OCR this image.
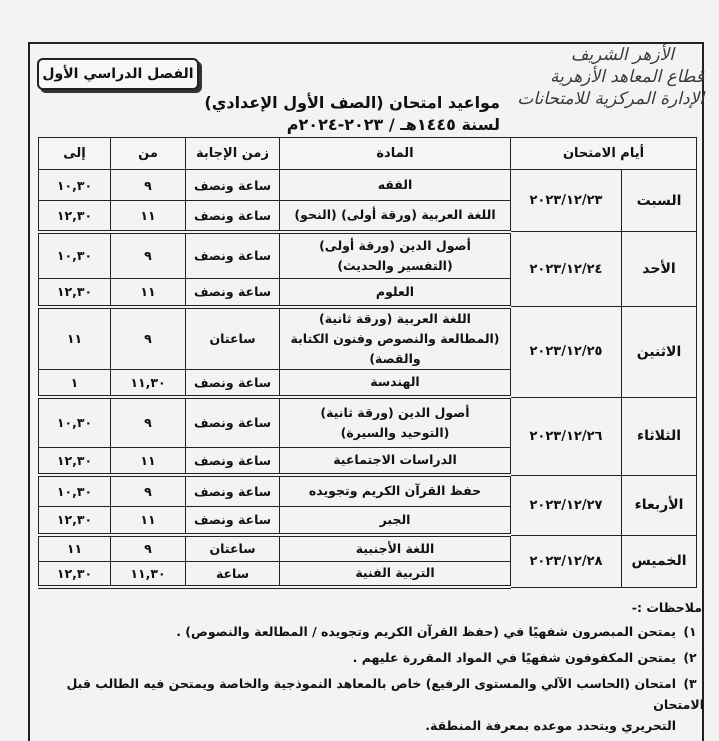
الأزهر الشريف
قطاع المعاهد الأزهرية
الإدارة المركزية للامتحانات
الفصل الدراسي الأول
مواعيد امتحان (الصف الأول الإعدادي)
لسنة ١٤٤٥هـ / ٢٠٢٣-٢٠٢٤م
أيام الامتحان		المادة	زمن الإجابة	من	إلى
السبت	٢٠٢٣/١٢/٢٣	الفقه	ساعة ونصف	٩	١٠,٣٠

		اللغة العربية (ورقة أولى) (النحو)	ساعة ونصف	١١	١٢,٣٠
الأحد	٢٠٢٣/١٢/٢٤	أصول الدين (ورقة أولى)
(التفسير والحديث)	ساعة ونصف	٩	١٠,٣٠

		العلوم	ساعة ونصف	١١	١٢,٣٠
الاثنين	٢٠٢٣/١٢/٢٥	اللغة العربية (ورقة ثانية)
(المطالعة والنصوص وفنون الكتابة والقصة)	ساعتان	٩	١١

		الهندسة	ساعة ونصف	١١,٣٠	١
الثلاثاء	٢٠٢٣/١٢/٢٦	أصول الدين (ورقة ثانية)
(التوحيد والسيرة)	ساعة ونصف	٩	١٠,٣٠

		الدراسات الاجتماعية	ساعة ونصف	١١	١٢,٣٠
الأربعاء	٢٠٢٣/١٢/٢٧	حفظ القرآن الكريم وتجويده	ساعة ونصف	٩	١٠,٣٠

		الجبر	ساعة ونصف	١١	١٢,٣٠
الخميس	٢٠٢٣/١٢/٢٨	اللغة الأجنبية	ساعتان	٩	١١

		التربية الفنية	ساعة	١١,٣٠	١٢,٣٠
ملاحظات :-
١)يمتحن المبصرون شفهيًا في (حفظ القرآن الكريم وتجويده / المطالعة والنصوص) .
٢)يمتحن المكفوفون شفهيًا في المواد المقررة عليهم .
٣)امتحان (الحاسب الآلي والمستوى الرفيع) خاص بالمعاهد النموذجية والخاصة ويمتحن فيه الطالب قبل الامتحان
التحريري ويتحدد موعده بمعرفة المنطقة.
